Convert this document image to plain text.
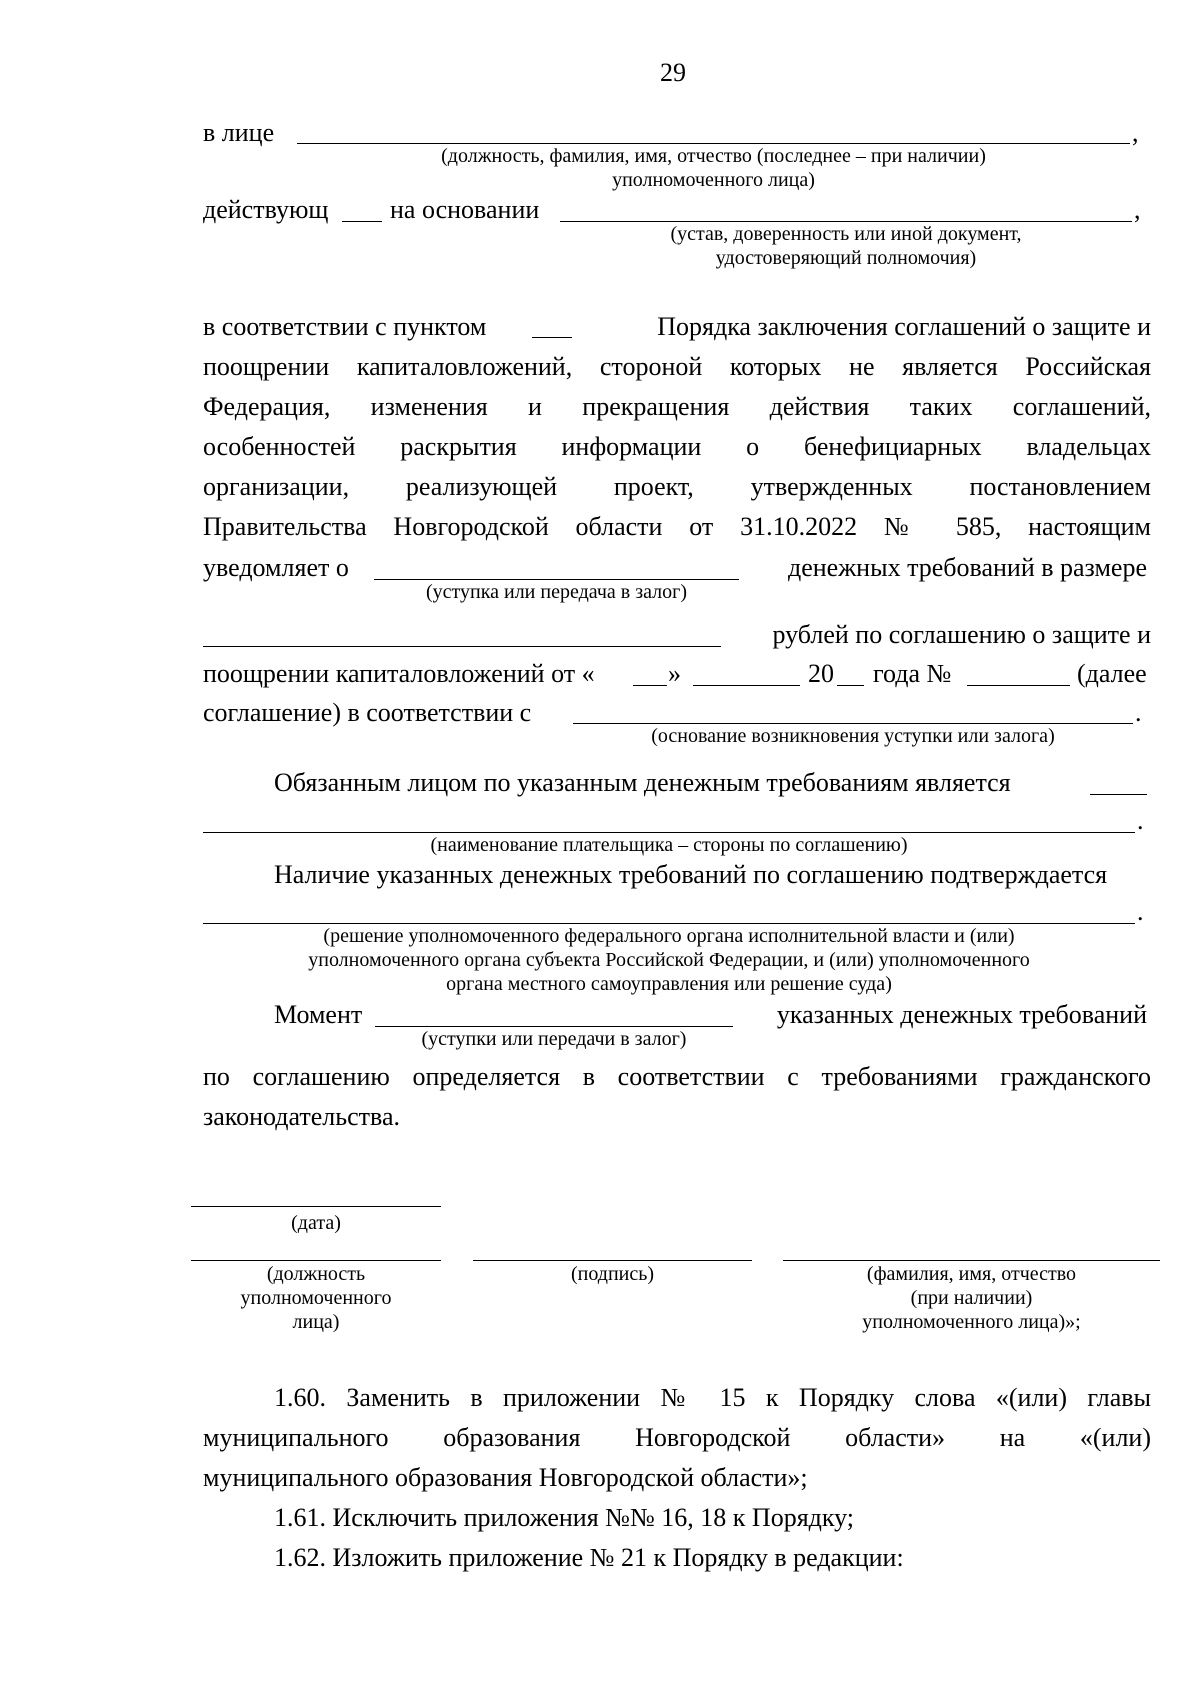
29
в лице	,
(должность, фамилия, имя, отчество (последнее – при наличии)
уполномоченного лица)
действующ на основании	,
(устав, доверенность или иной документ,
удостоверяющий полномочия)
в соответствии с пунктом	Порядка заключения соглашений о защите и
поощрении капиталовложений, стороной которых не является Российская
Федерация, изменения и прекращения действия таких соглашений,
особенностей раскрытия информации о бенефициарных владельцах
организации, реализующей проект, утвержденных постановлением
Правительства Новгородской области от 31.10.2022 № 585, настоящим
уведомляет о	денежных требований в размере
(уступка или передача в залог)
рублей по соглашению о защите и
поощрении капиталовложений от «	»	20 года №	(далее
соглашение) в соответствии с	.
(основание возникновения уступки или залога)
Обязанным лицом по указанным денежным требованиям является
.
(наименование плательщика – стороны по соглашению)
Наличие указанных денежных требований по соглашению подтверждается
.
(решение уполномоченного федерального органа исполнительной власти и (или)
уполномоченного органа субъекта Российской Федерации, и (или) уполномоченного
органа местного самоуправления или решение суда)
Момент	указанных денежных требований
(уступки или передачи в залог)
по соглашению определяется в соответствии с требованиями гражданского
законодательства.
(дата)
(должность
уполномоченного
лица)
(подпись)	(фамилия, имя, отчество
(при наличии)
уполномоченного лица)»;
1.60. Заменить в приложении № 15 к Порядку слова «(или) главы
муниципального образования Новгородской области» на «(или)
муниципального образования Новгородской области»;
1.61. Исключить приложения №№ 16, 18 к Порядку;
1.62. Изложить приложение № 21 к Порядку в редакции:
